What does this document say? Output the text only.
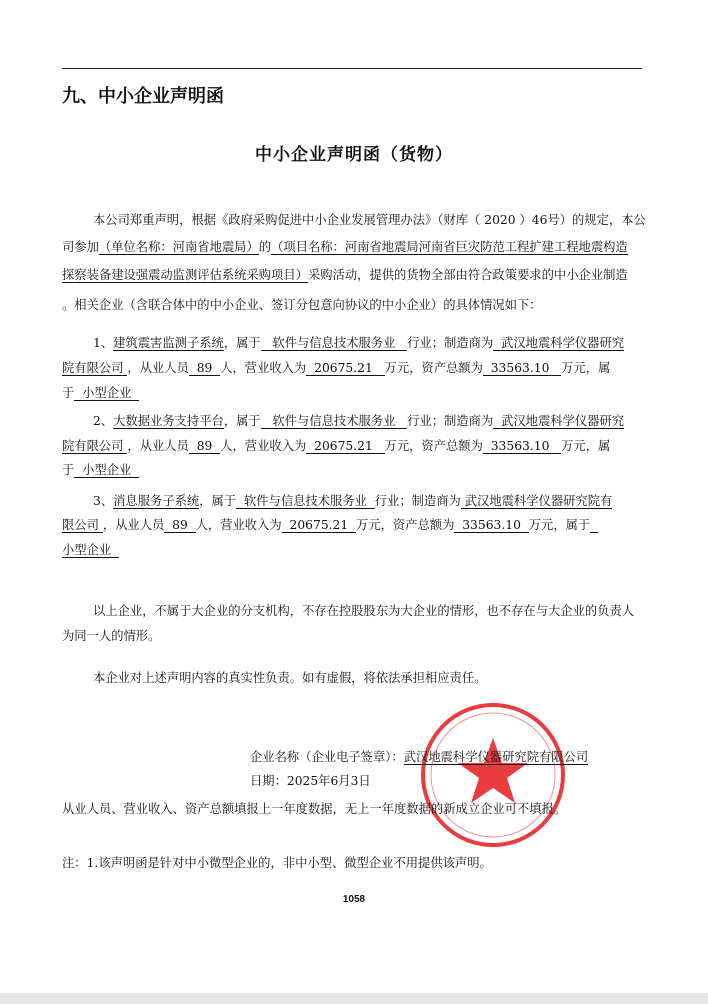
九、中小企业声明函
中小企业声明函（货物）
本公司郑重声明，根据《政府采购促进中小企业发展管理办法》（财库（ 2020 ）46号）的规定，本公
司参加（单位名称：河南省地震局）的（项目名称：河南省地震局河南省巨灾防范工程扩建工程地震构造
探察装备建设强震动监测评估系统采购项目）采购活动，提供的货物全部由符合政策要求的中小企业制造
。相关企业（含联合体中的中小企业、签订分包意向协议的中小企业）的具体情况如下：
1、建筑震害监测子系统，属于   软件与信息技术服务业   行业；制造商为  武汉地震科学仪器研究
院有限公司 ，从业人员  89  人，营业收入为  20675.21   万元，资产总额为  33563.10   万元，属
于  小型企业
2、大数据业务支持平台，属于   软件与信息技术服务业   行业；制造商为  武汉地震科学仪器研究
院有限公司 ，从业人员  89  人，营业收入为  20675.21   万元，资产总额为  33563.10   万元，属
于  小型企业
3、消息服务子系统，属于  软件与信息技术服务业  行业；制造商为 武汉地震科学仪器研究院有
限公司 ，从业人员  89  人，营业收入为  20675.21  万元，资产总额为  33563.10  万元，属于
小型企业
以上企业，不属于大企业的分支机构，不存在控股股东为大企业的情形，也不存在与大企业的负责人
为同一人的情形。
本企业对上述声明内容的真实性负责。如有虚假，将依法承担相应责任。
企业名称（企业电子签章）：武汉地震科学仪器研究院有限公司
日期：2025年6月3日
从业人员、营业收入、资产总额填报上一年度数据，无上一年度数据的新成立企业可不填报。
注：1.该声明函是针对中小微型企业的，非中小型、微型企业不用提供该声明。
1058
